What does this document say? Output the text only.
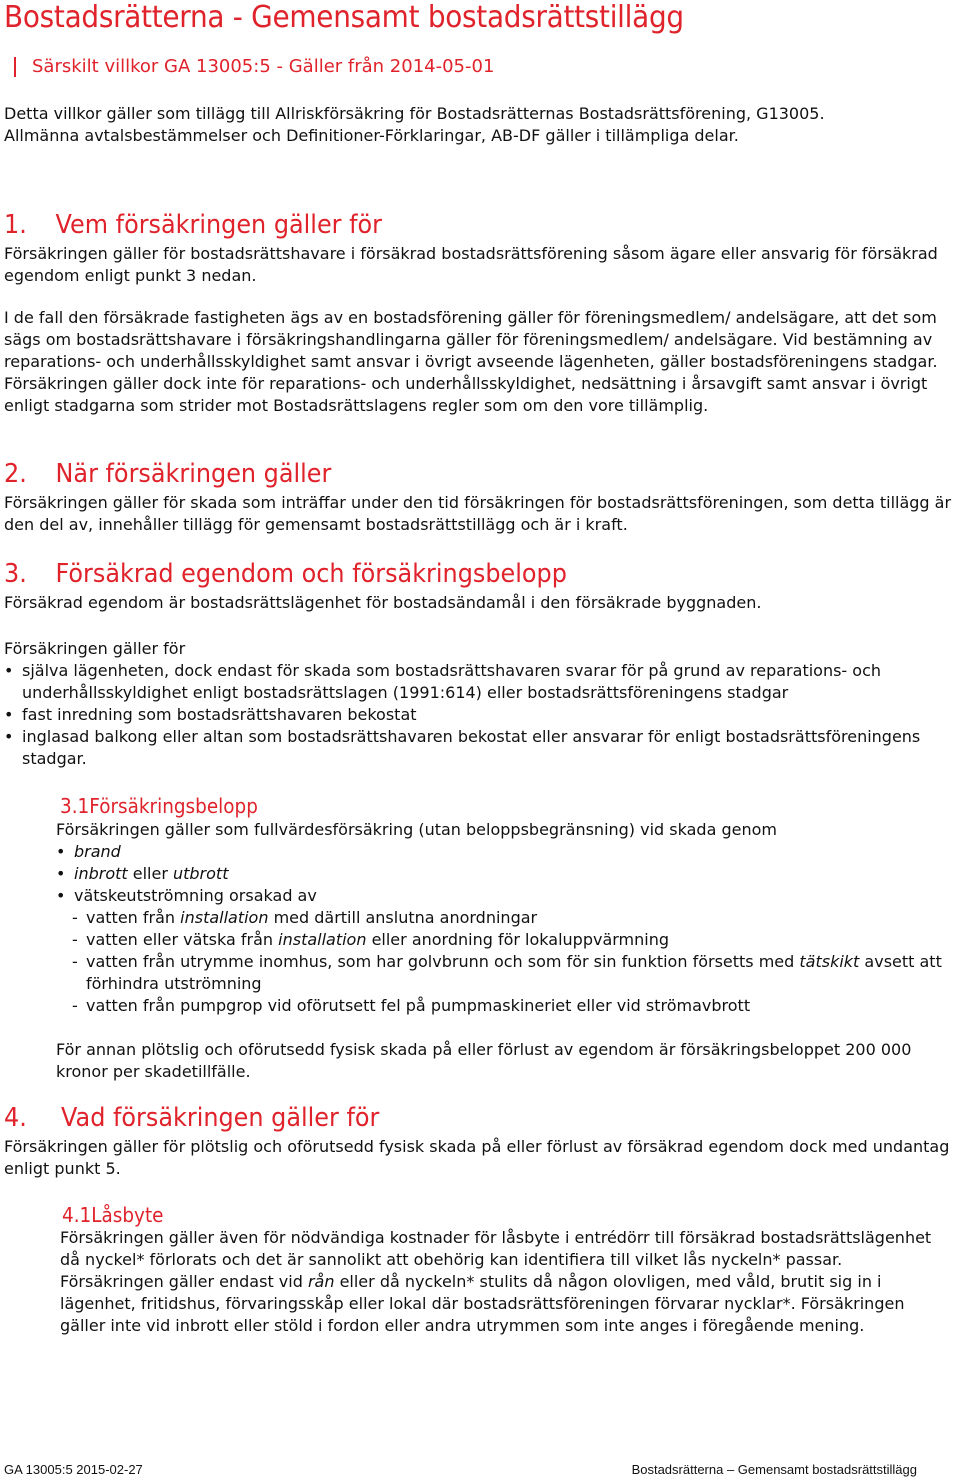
Bostadsrätterna - Gemensamt bostadsrättstillägg
Särskilt villkor GA 13005:5 - Gäller från 2014-05-01
Detta villkor gäller som tillägg till Allriskförsäkring för Bostadsrätternas Bostadsrättsförening, G13005.
Allmänna avtalsbestämmelser och Definitioner-Förklaringar, AB-DF gäller i tillämpliga delar.
1. Vem försäkringen gäller för
Försäkringen gäller för bostadsrättshavare i försäkrad bostadsrättsförening såsom ägare eller ansvarig för försäkrad egendom enligt punkt 3 nedan.
I de fall den försäkrade fastigheten ägs av en bostadsförening gäller för föreningsmedlem/ andelsägare, att det som sägs om bostadsrättshavare i försäkringshandlingarna gäller för föreningsmedlem/ andelsägare. Vid bestämning av reparations- och underhållsskyldighet samt ansvar i övrigt avseende lägenheten, gäller bostadsföreningens stadgar. Försäkringen gäller dock inte för reparations- och underhållsskyldighet, nedsättning i årsavgift samt ansvar i övrigt enligt stadgarna som strider mot Bostadsrättslagens regler som om den vore tillämplig.
2. När försäkringen gäller
Försäkringen gäller för skada som inträffar under den tid försäkringen för bostadsrättsföreningen, som detta tillägg är den del av, innehåller tillägg för gemensamt bostadsrättstillägg och är i kraft.
3. Försäkrad egendom och försäkringsbelopp
Försäkrad egendom är bostadsrättslägenhet för bostadsändamål i den försäkrade byggnaden.
Försäkringen gäller för
• själva lägenheten, dock endast för skada som bostadsrättshavaren svarar för på grund av reparations- och underhållsskyldighet enligt bostadsrättslagen (1991:614) eller bostadsrättsföreningens stadgar
• fast inredning som bostadsrättshavaren bekostat
• inglasad balkong eller altan som bostadsrättshavaren bekostat eller ansvarar för enligt bostadsrättsföreningens stadgar.
3.1Försäkringsbelopp
Försäkringen gäller som fullvärdesförsäkring (utan beloppsbegränsning) vid skada genom
• brand
• inbrott eller utbrott
• vätskeutströmning orsakad av
- vatten från installation med därtill anslutna anordningar
- vatten eller vätska från installation eller anordning för lokaluppvärmning
- vatten från utrymme inomhus, som har golvbrunn och som för sin funktion försetts med tätskikt avsett att förhindra utströmning
- vatten från pumpgrop vid oförutsett fel på pumpmaskineriet eller vid strömavbrott
För annan plötslig och oförutsedd fysisk skada på eller förlust av egendom är försäkringsbeloppet 200 000 kronor per skadetillfälle.
4. Vad försäkringen gäller för
Försäkringen gäller för plötslig och oförutsedd fysisk skada på eller förlust av försäkrad egendom dock med undantag enligt punkt 5.
4.1Låsbyte
Försäkringen gäller även för nödvändiga kostnader för låsbyte i entrédörr till försäkrad bostadsrättslägenhet då nyckel* förlorats och det är sannolikt att obehörig kan identifiera till vilket lås nyckeln* passar. Försäkringen gäller endast vid rån eller då nyckeln* stulits då någon olovligen, med våld, brutit sig in i lägenhet, fritidshus, förvaringsskåp eller lokal där bostadsrättsföreningen förvarar nycklar*. Försäkringen gäller inte vid inbrott eller stöld i fordon eller andra utrymmen som inte anges i föregående mening.
GA 13005:5 2015-02-27	Bostadsrätterna – Gemensamt bostadsrättstillägg
